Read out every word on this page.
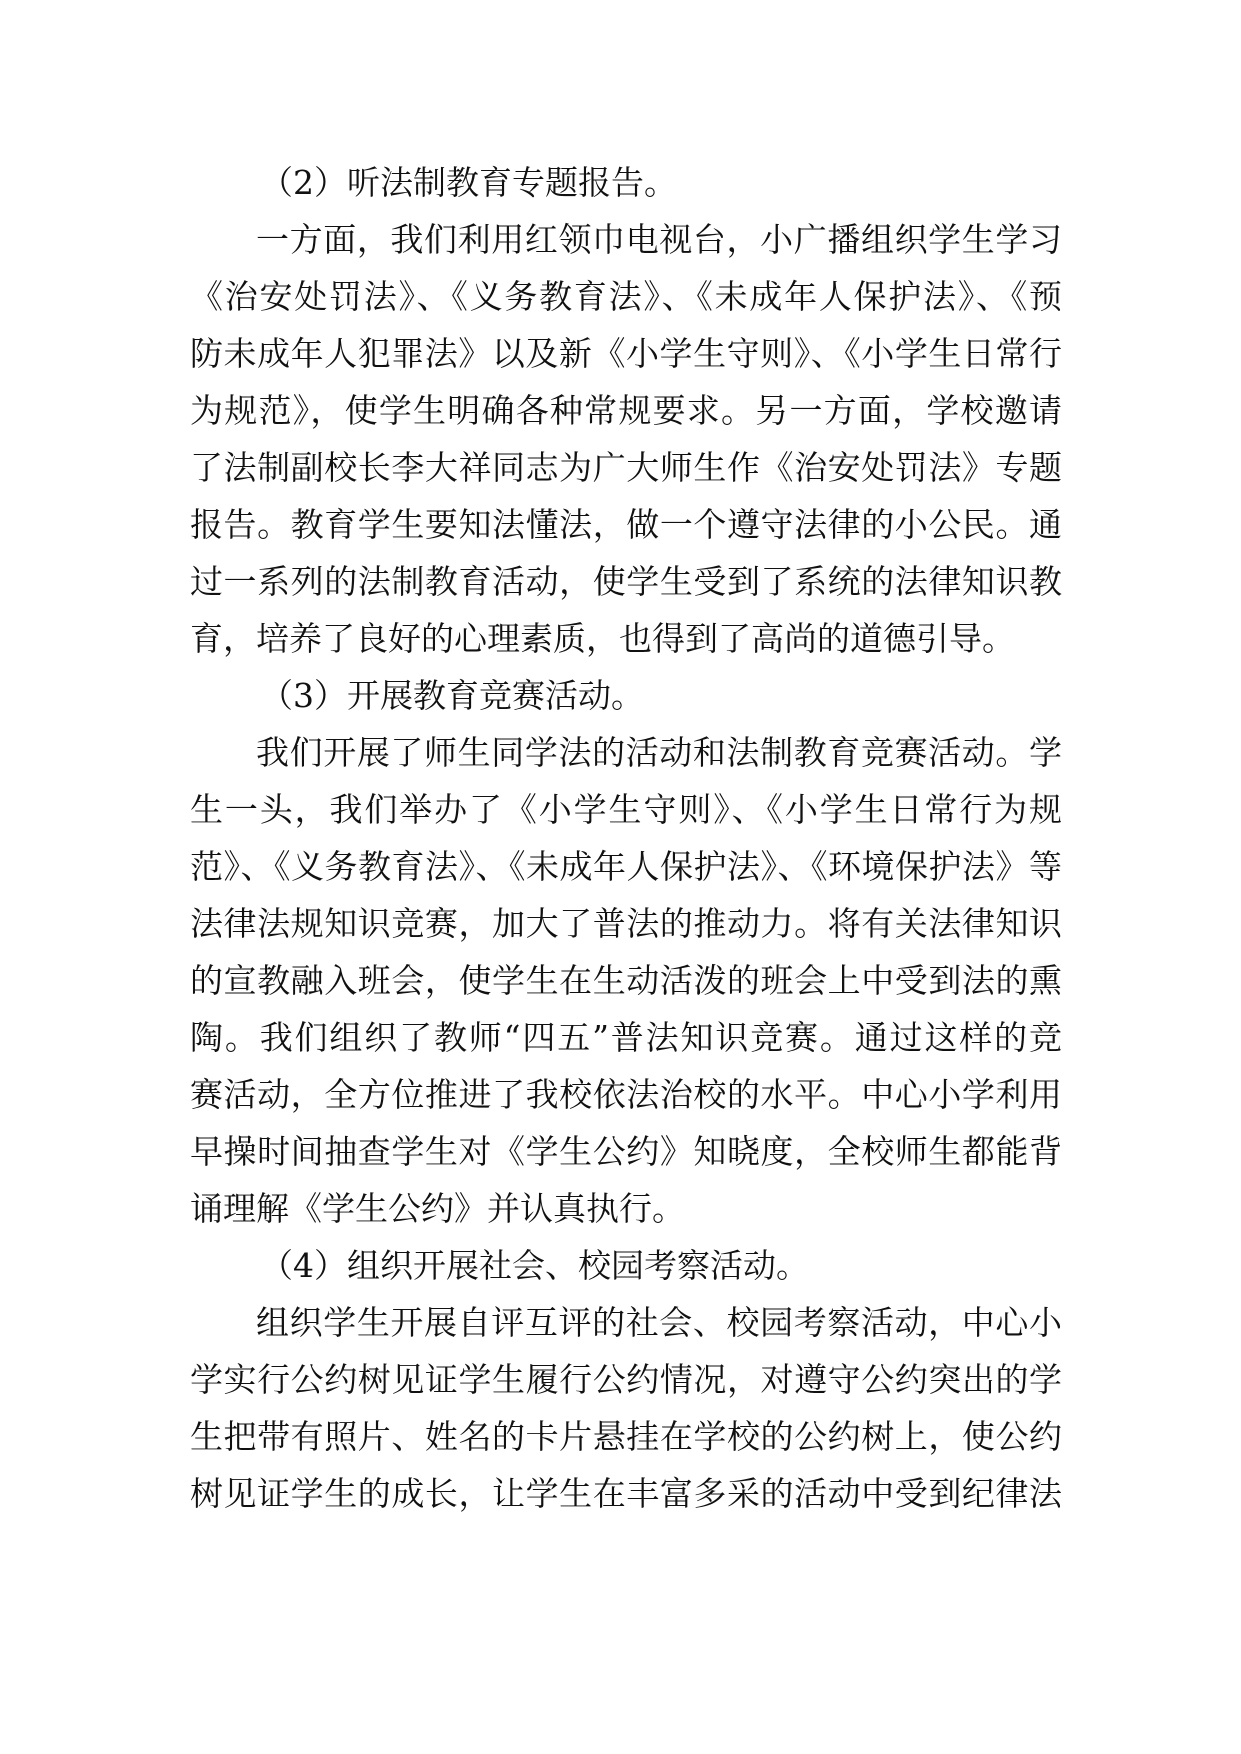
（2）听法制教育专题报告。
一方面，我们利用红领巾电视台，小广播组织学生学习
《治安处罚法》、《义务教育法》、《未成年人保护法》、《预
防未成年人犯罪法》以及新《小学生守则》、《小学生日常行
为规范》，使学生明确各种常规要求。另一方面，学校邀请
了法制副校长李大祥同志为广大师生作《治安处罚法》专题
报告。教育学生要知法懂法，做一个遵守法律的小公民。通
过一系列的法制教育活动，使学生受到了系统的法律知识教
育，培养了良好的心理素质，也得到了高尚的道德引导。
（3）开展教育竞赛活动。
我们开展了师生同学法的活动和法制教育竞赛活动。学
生一头，我们举办了《小学生守则》、《小学生日常行为规
范》、《义务教育法》、《未成年人保护法》、《环境保护法》等
法律法规知识竞赛，加大了普法的推动力。将有关法律知识
的宣教融入班会，使学生在生动活泼的班会上中受到法的熏
陶。我们组织了教师“四五”普法知识竞赛。通过这样的竞
赛活动，全方位推进了我校依法治校的水平。中心小学利用
早操时间抽查学生对《学生公约》知晓度，全校师生都能背
诵理解《学生公约》并认真执行。
（4）组织开展社会、校园考察活动。
组织学生开展自评互评的社会、校园考察活动，中心小
学实行公约树见证学生履行公约情况，对遵守公约突出的学
生把带有照片、姓名的卡片悬挂在学校的公约树上，使公约
树见证学生的成长，让学生在丰富多采的活动中受到纪律法
